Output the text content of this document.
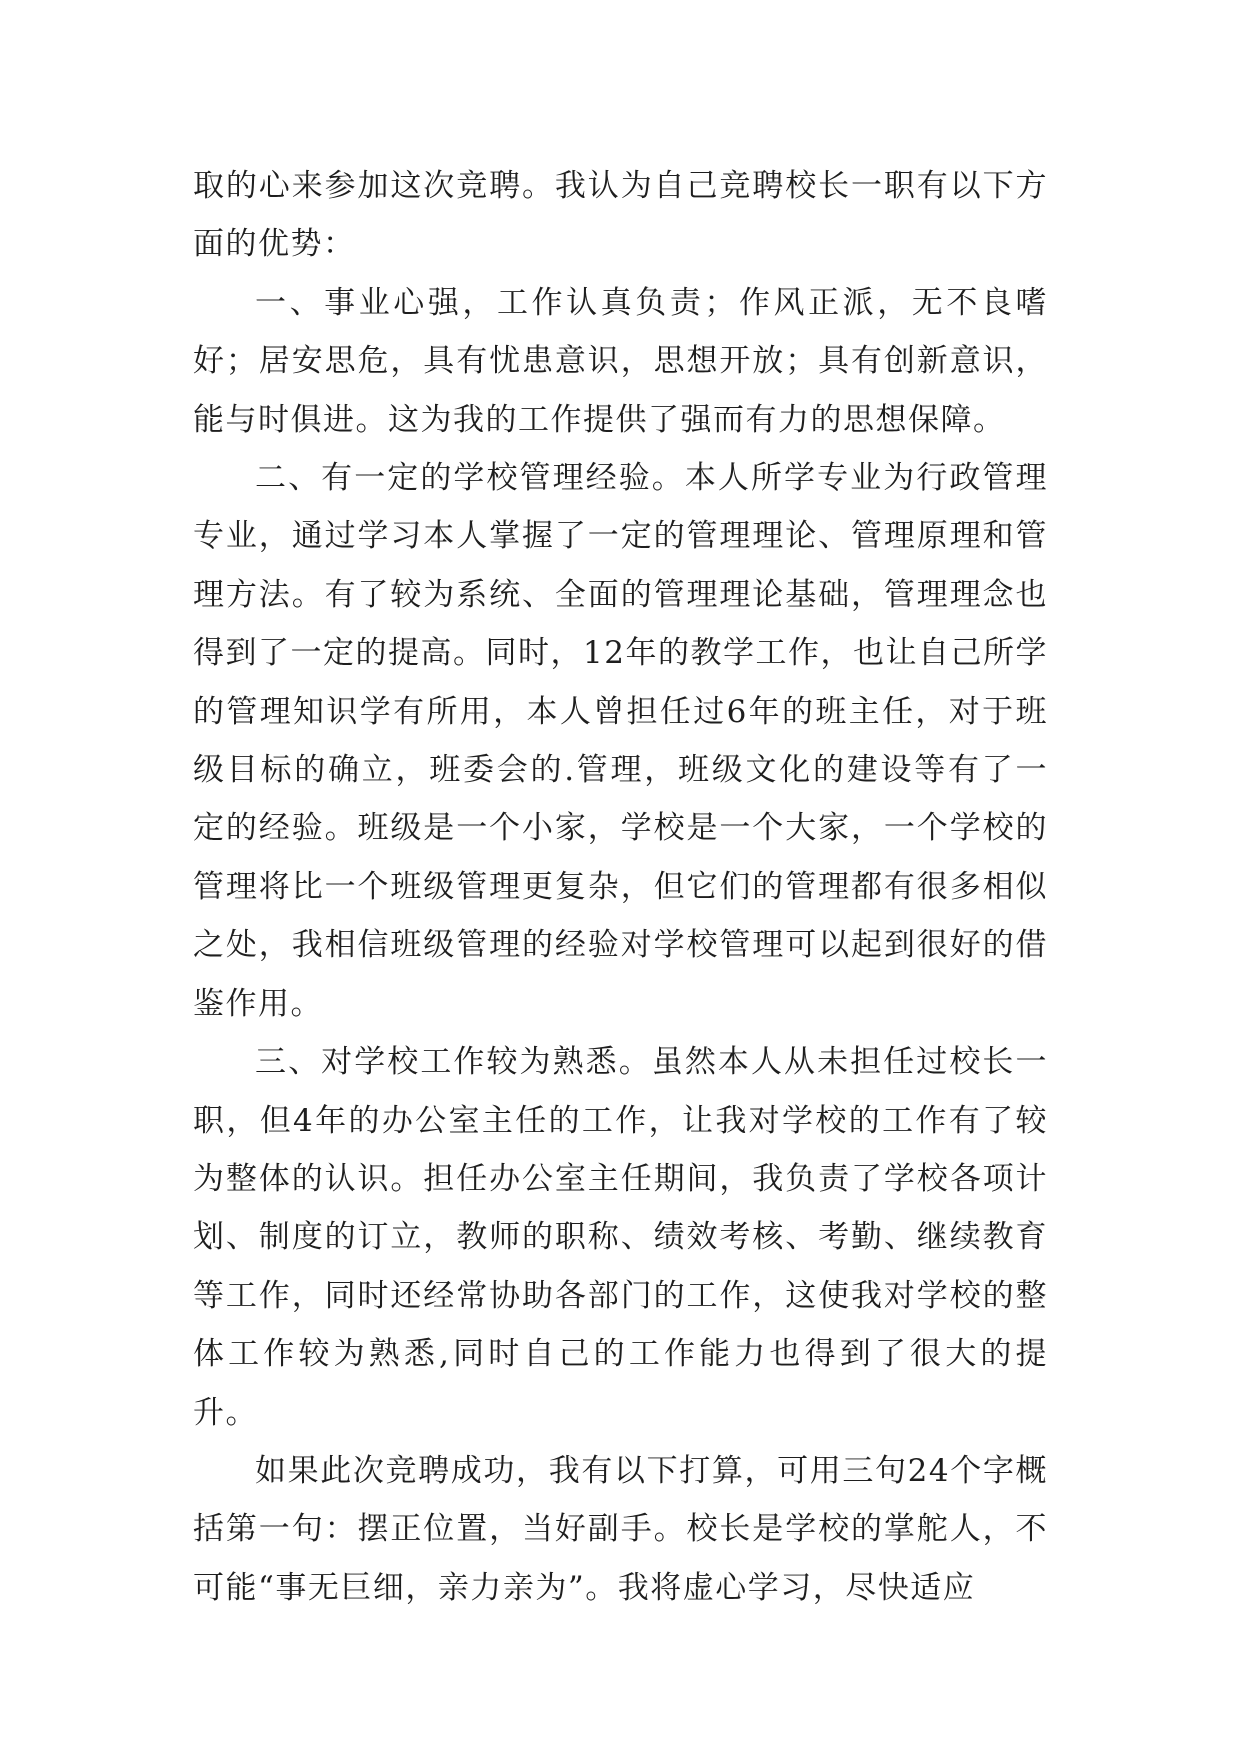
取的心来参加这次竞聘。我认为自己竞聘校长一职有以下方面的优势：

一、事业心强，工作认真负责；作风正派，无不良嗜好；居安思危，具有忧患意识，思想开放；具有创新意识，能与时俱进。这为我的工作提供了强而有力的思想保障。

二、有一定的学校管理经验。本人所学专业为行政管理专业，通过学习本人掌握了一定的管理理论、管理原理和管理方法。有了较为系统、全面的管理理论基础，管理理念也得到了一定的提高。同时，12年的教学工作，也让自己所学的管理知识学有所用，本人曾担任过6年的班主任，对于班级目标的确立，班委会的.管理，班级文化的建设等有了一定的经验。班级是一个小家，学校是一个大家，一个学校的管理将比一个班级管理更复杂，但它们的管理都有很多相似之处，我相信班级管理的经验对学校管理可以起到很好的借鉴作用。

三、对学校工作较为熟悉。虽然本人从未担任过校长一职，但4年的办公室主任的工作，让我对学校的工作有了较为整体的认识。担任办公室主任期间，我负责了学校各项计划、制度的订立，教师的职称、绩效考核、考勤、继续教育等工作，同时还经常协助各部门的工作，这使我对学校的整体工作较为熟悉,同时自己的工作能力也得到了很大的提升。

如果此次竞聘成功，我有以下打算，可用三句24个字概括第一句：摆正位置，当好副手。校长是学校的掌舵人，不可能“事无巨细，亲力亲为”。我将虚心学习，尽快适应
